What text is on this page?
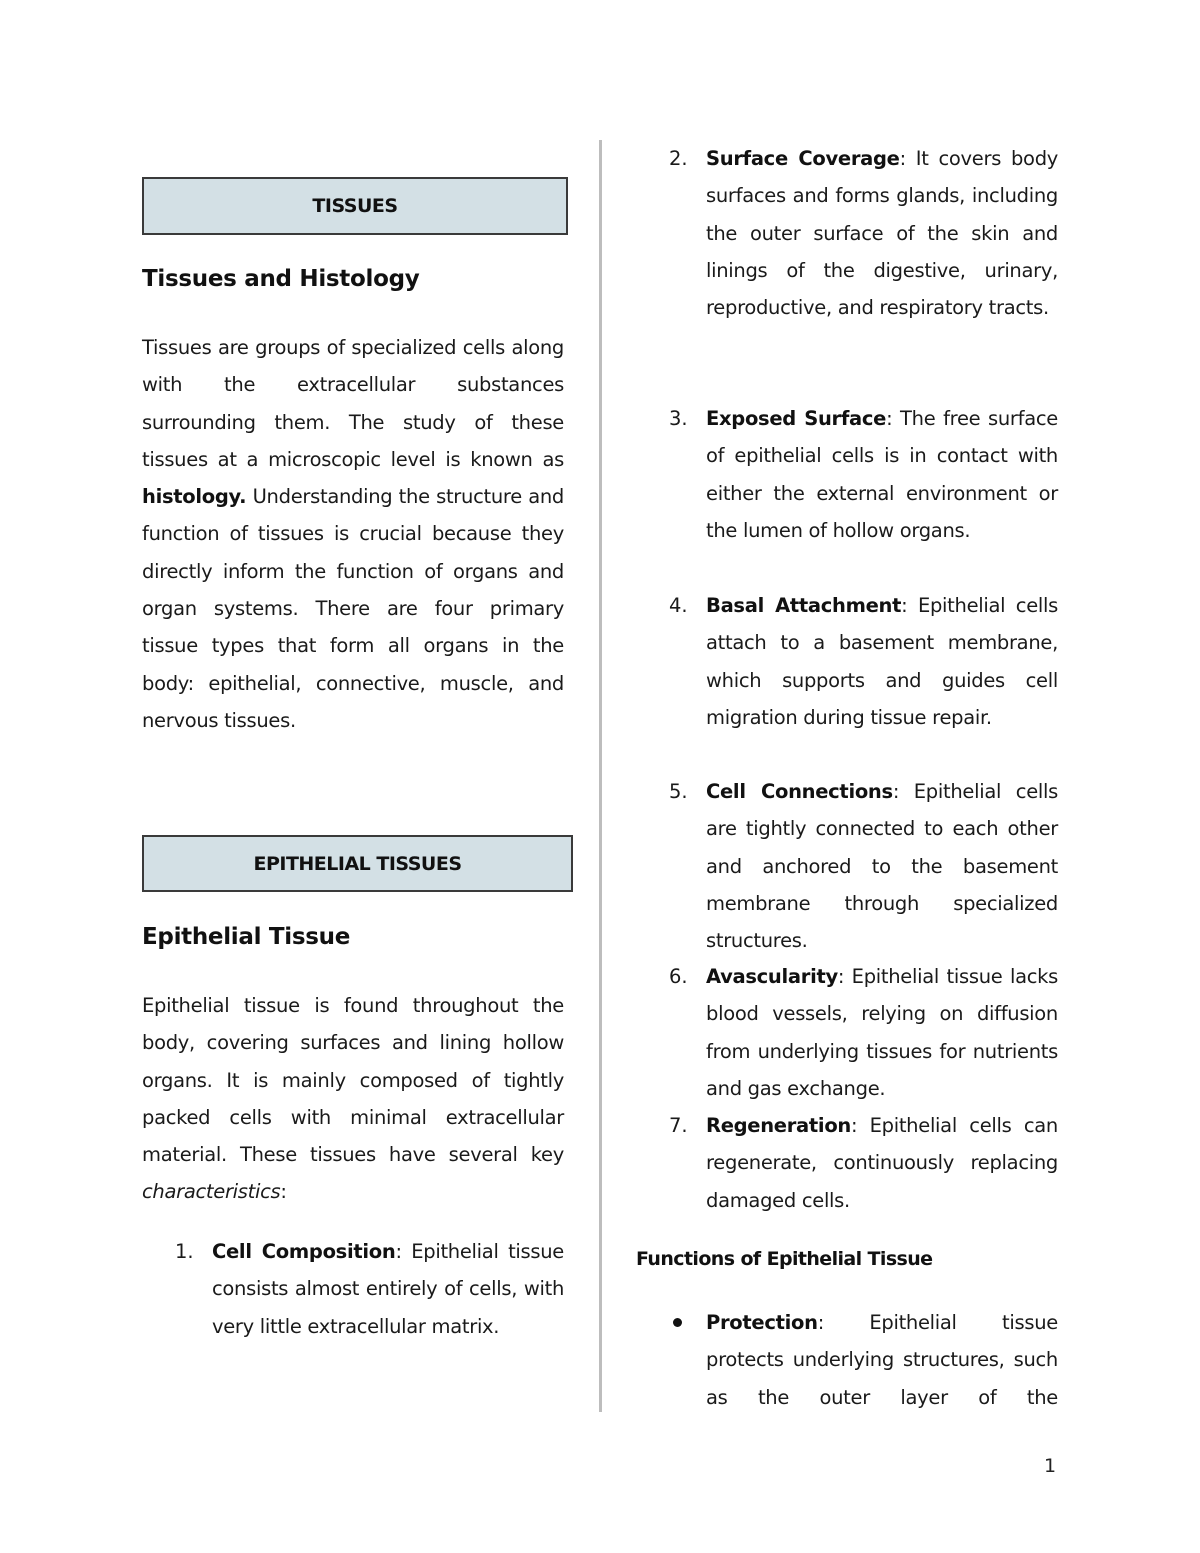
TISSUES
Tissues and Histology

Tissues are groups of specialized cells along with the extracellular substances surrounding them. The study of these tissues at a microscopic level is known as histology. Understanding the structure and function of tissues is crucial because they directly inform the function of organs and organ systems. There are four primary tissue types that form all organs in the body: epithelial, connective, muscle, and nervous tissues.

EPITHELIAL TISSUES
Epithelial Tissue

Epithelial tissue is found throughout the body, covering surfaces and lining hollow organs. It is mainly composed of tightly packed cells with minimal extracellular material. These tissues have several key characteristics:

1. Cell Composition: Epithelial tissue consists almost entirely of cells, with very little extracellular matrix.

2. Surface Coverage: It covers body surfaces and forms glands, including the outer surface of the skin and linings of the digestive, urinary, reproductive, and respiratory tracts.

3. Exposed Surface: The free surface of epithelial cells is in contact with either the external environment or the lumen of hollow organs.

4. Basal Attachment: Epithelial cells attach to a basement membrane, which supports and guides cell migration during tissue repair.

5. Cell Connections: Epithelial cells are tightly connected to each other and anchored to the basement membrane through specialized structures.

6. Avascularity: Epithelial tissue lacks blood vessels, relying on diffusion from underlying tissues for nutrients and gas exchange.

7. Regeneration: Epithelial cells can regenerate, continuously replacing damaged cells.

Functions of Epithelial Tissue

Protection: Epithelial tissue protects underlying structures, such as the outer layer of the

1
